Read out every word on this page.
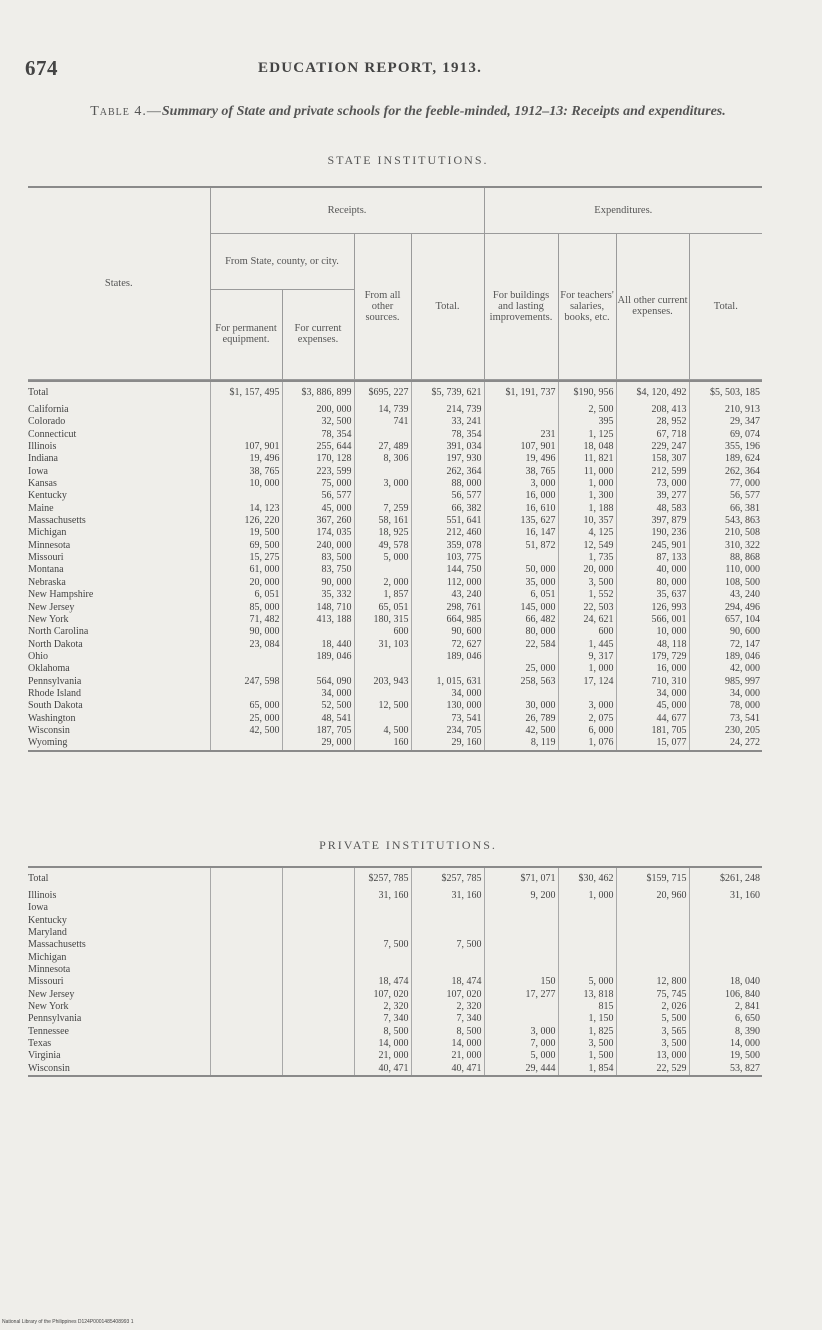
674	EDUCATION REPORT, 1913.
Table 4.—Summary of State and private schools for the feeble-minded, 1912–13: Receipts and expenditures.
STATE INSTITUTIONS.
States.	Receipts.				Expenditures.			
	From State, county, or city.		From all other sources.	Total.	For buildings and lasting improvements.	For teachers' salaries, books, etc.	All other current expenses.	Total.
	For permanent equipment.	For current expenses.						
Total	$1, 157, 495	$3, 886, 899	$695, 227	$5, 739, 621	$1, 191, 737	$190, 956	$4, 120, 492	$5, 503, 185
California		200, 000	14, 739	214, 739		2, 500	208, 413	210, 913
Colorado		32, 500	741	33, 241		395	28, 952	29, 347
Connecticut		78, 354		78, 354	231	1, 125	67, 718	69, 074
Illinois	107, 901	255, 644	27, 489	391, 034	107, 901	18, 048	229, 247	355, 196
Indiana	19, 496	170, 128	8, 306	197, 930	19, 496	11, 821	158, 307	189, 624
Iowa	38, 765	223, 599		262, 364	38, 765	11, 000	212, 599	262, 364
Kansas	10, 000	75, 000	3, 000	88, 000	3, 000	1, 000	73, 000	77, 000
Kentucky		56, 577		56, 577	16, 000	1, 300	39, 277	56, 577
Maine	14, 123	45, 000	7, 259	66, 382	16, 610	1, 188	48, 583	66, 381
Massachusetts	126, 220	367, 260	58, 161	551, 641	135, 627	10, 357	397, 879	543, 863
Michigan	19, 500	174, 035	18, 925	212, 460	16, 147	4, 125	190, 236	210, 508
Minnesota	69, 500	240, 000	49, 578	359, 078	51, 872	12, 549	245, 901	310, 322
Missouri	15, 275	83, 500	5, 000	103, 775		1, 735	87, 133	88, 868
Montana	61, 000	83, 750		144, 750	50, 000	20, 000	40, 000	110, 000
Nebraska	20, 000	90, 000	2, 000	112, 000	35, 000	3, 500	80, 000	108, 500
New Hampshire	6, 051	35, 332	1, 857	43, 240	6, 051	1, 552	35, 637	43, 240
New Jersey	85, 000	148, 710	65, 051	298, 761	145, 000	22, 503	126, 993	294, 496
New York	71, 482	413, 188	180, 315	664, 985	66, 482	24, 621	566, 001	657, 104
North Carolina	90, 000		600	90, 600	80, 000	600	10, 000	90, 600
North Dakota	23, 084	18, 440	31, 103	72, 627	22, 584	1, 445	48, 118	72, 147
Ohio		189, 046		189, 046		9, 317	179, 729	189, 046
Oklahoma					25, 000	1, 000	16, 000	42, 000
Pennsylvania	247, 598	564, 090	203, 943	1, 015, 631	258, 563	17, 124	710, 310	985, 997
Rhode Island		34, 000		34, 000			34, 000	34, 000
South Dakota	65, 000	52, 500	12, 500	130, 000	30, 000	3, 000	45, 000	78, 000
Washington	25, 000	48, 541		73, 541	26, 789	2, 075	44, 677	73, 541
Wisconsin	42, 500	187, 705	4, 500	234, 705	42, 500	6, 000	181, 705	230, 205
Wyoming		29, 000	160	29, 160	8, 119	1, 076	15, 077	24, 272
PRIVATE INSTITUTIONS.
Total			$257, 785	$257, 785	$71, 071	$30, 462	$159, 715	$261, 248
Illinois			31, 160	31, 160	9, 200	1, 000	20, 960	31, 160
Iowa								
Kentucky								
Maryland								
Massachusetts			7, 500	7, 500				
Michigan								
Minnesota								
Missouri			18, 474	18, 474	150	5, 000	12, 800	18, 040
New Jersey			107, 020	107, 020	17, 277	13, 818	75, 745	106, 840
New York			2, 320	2, 320		815	2, 026	2, 841
Pennsylvania			7, 340	7, 340		1, 150	5, 500	6, 650
Tennessee			8, 500	8, 500	3, 000	1, 825	3, 565	8, 390
Texas			14, 000	14, 000	7, 000	3, 500	3, 500	14, 000
Virginia			21, 000	21, 000	5, 000	1, 500	13, 000	19, 500
Wisconsin			40, 471	40, 471	29, 444	1, 854	22, 529	53, 827
National Library of the Philippines D124P0001485408993 1
